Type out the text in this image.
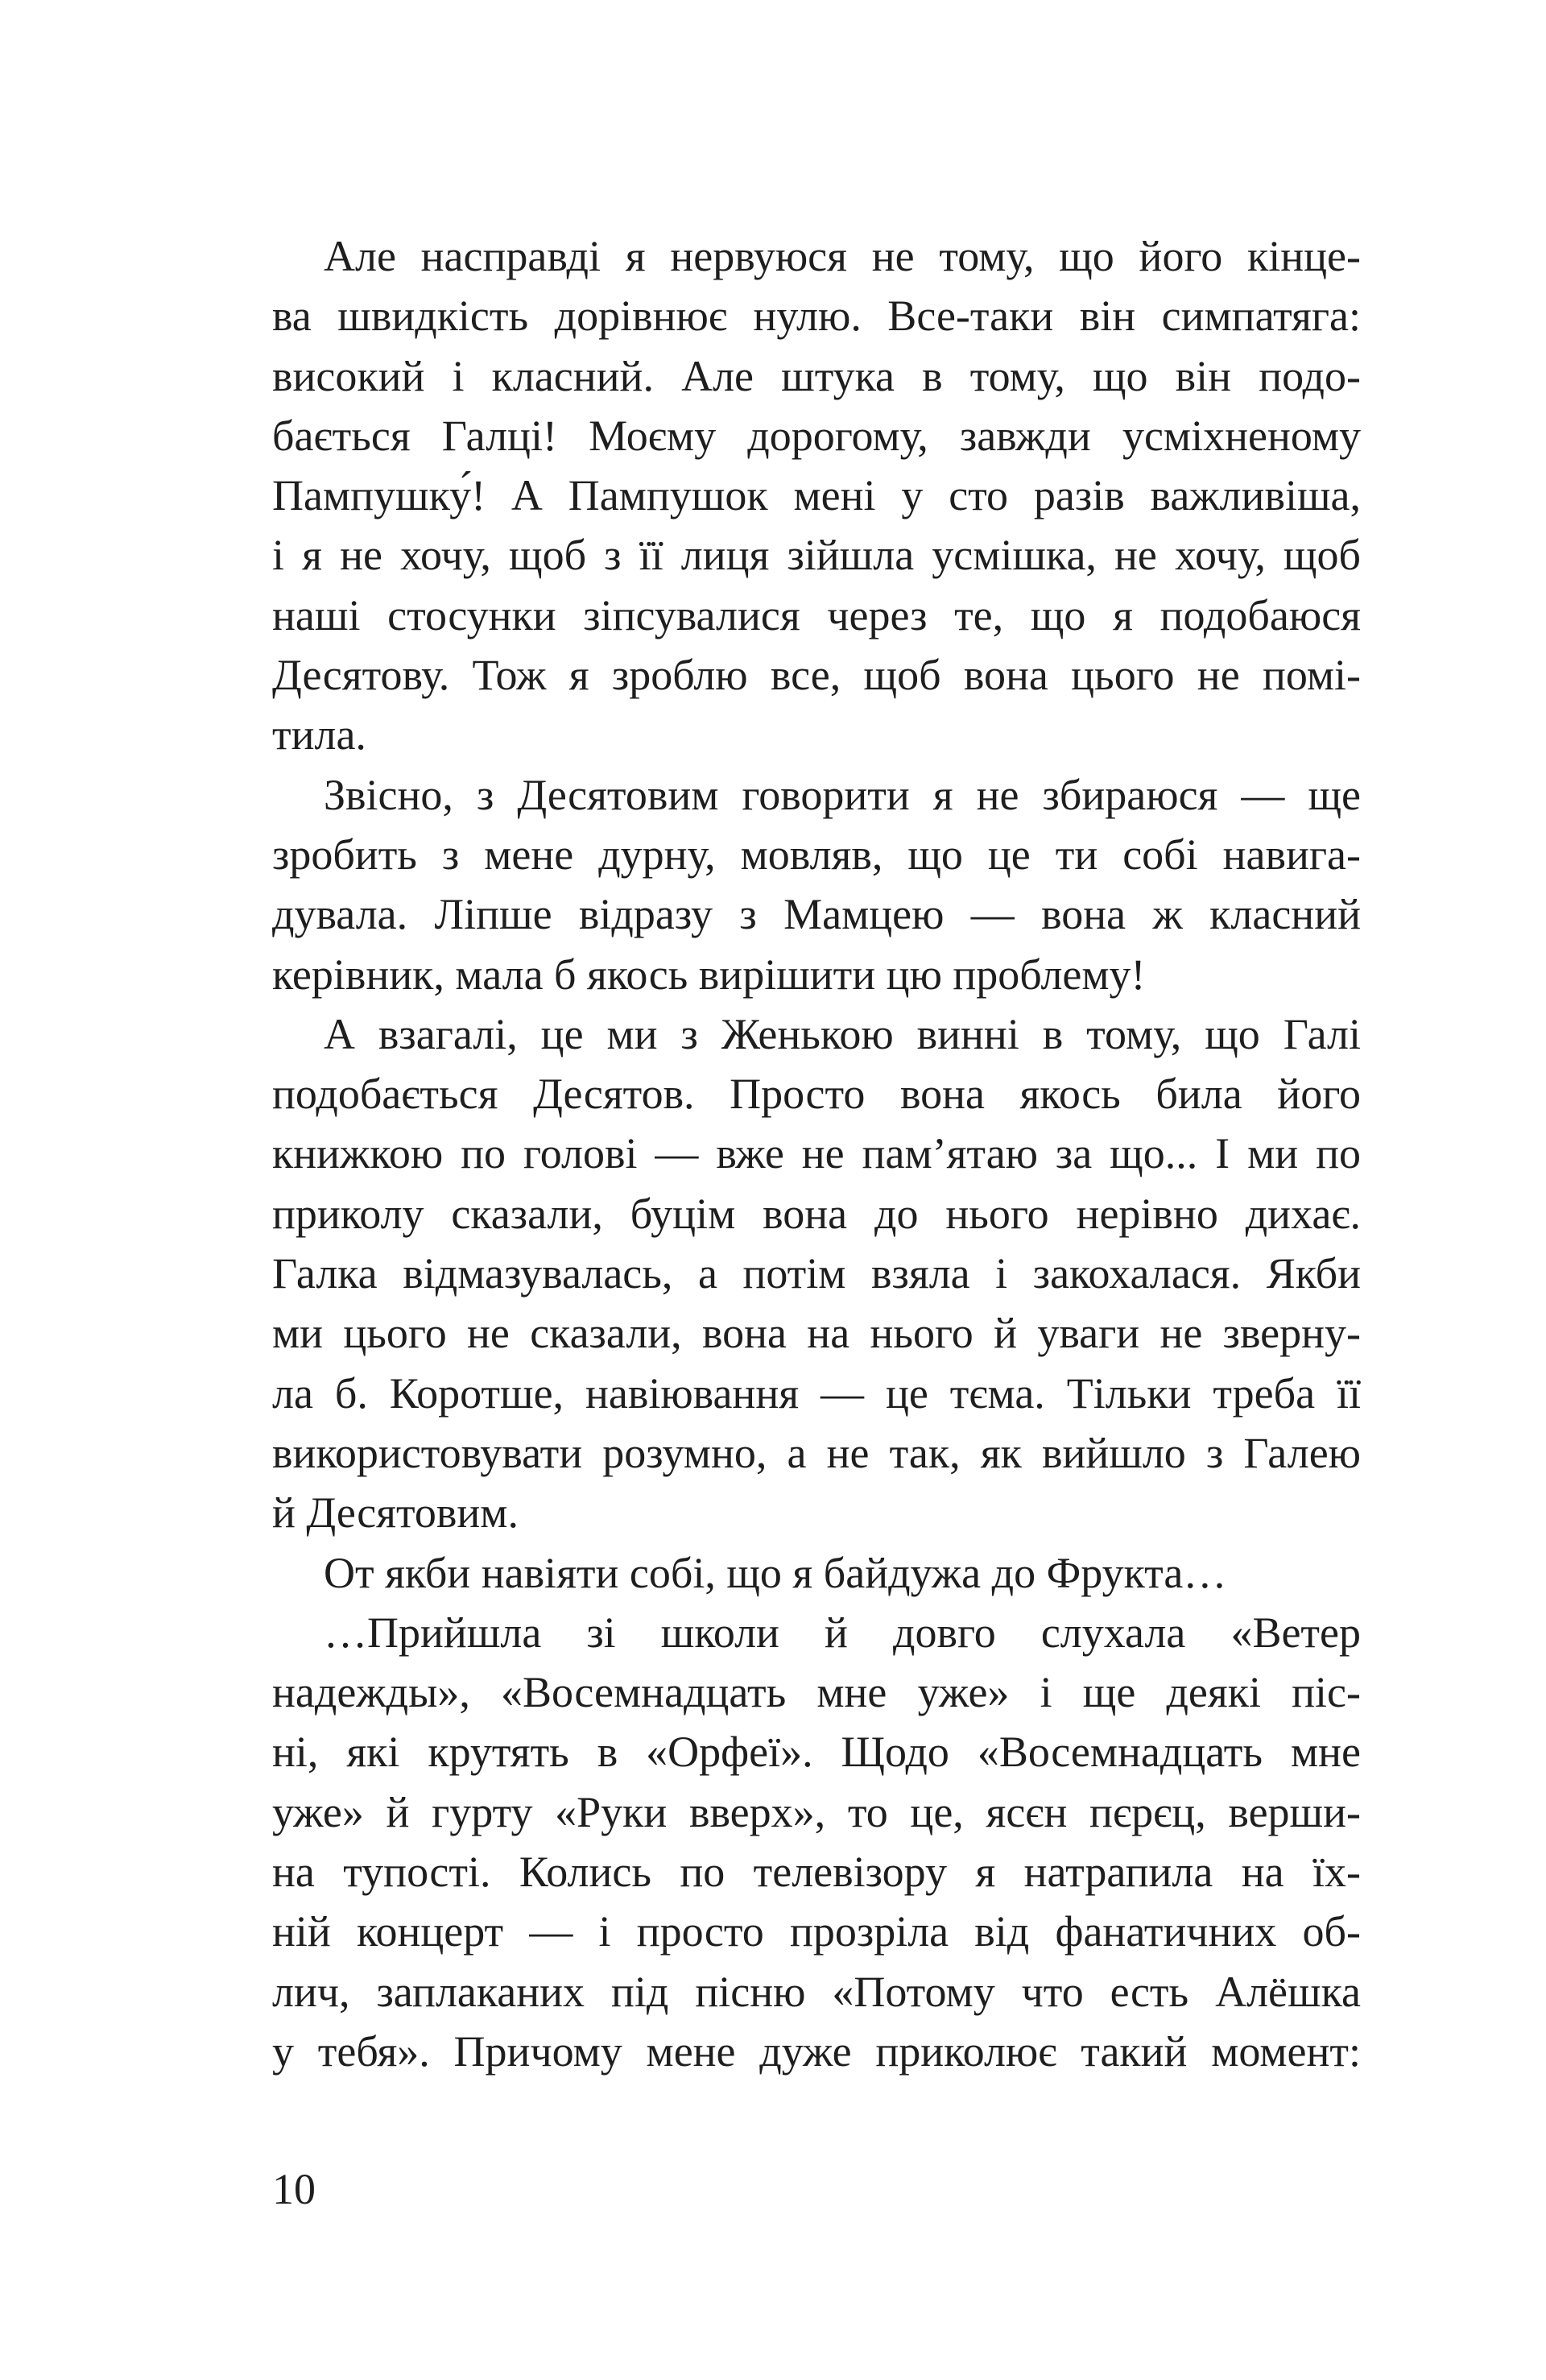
Але насправді я нервуюся не тому, що його кінце-
ва швидкість дорівнює нулю. Все-таки він симпатяга:
високий і класний. Але штука в тому, що він подо-
бається Галці! Моєму дорогому, завжди усміхненому
Пампушку́! А Пампушок мені у сто разів важливіша,
і я не хочу, щоб з її лиця зійшла усмішка, не хочу, щоб
наші стосунки зіпсувалися через те, що я подобаюся
Десятову. Тож я зроблю все, щоб вона цього не помі-
тила.
Звісно, з Десятовим говорити я не збираюся — ще
зробить з мене дурну, мовляв, що це ти собі навига-
дувала. Ліпше відразу з Мамцею — вона ж класний
керівник, мала б якось вирішити цю проблему!
А взагалі, це ми з Женькою винні в тому, що Галі
подобається Десятов. Просто вона якось била його
книжкою по голові — вже не пам’ятаю за що... І ми по
приколу сказали, буцім вона до нього нерівно дихає.
Галка відмазувалась, а потім взяла і закохалася. Якби
ми цього не сказали, вона на нього й уваги не зверну-
ла б. Коротше, навіювання — це тєма. Тільки треба її
використовувати розумно, а не так, як вийшло з Галею
й Десятовим.
От якби навіяти собі, що я байдужа до Фрукта…
…Прийшла зі школи й довго слухала «Ветер
надежды», «Восемнадцать мне уже» і ще деякі піс-
ні, які крутять в «Орфеї». Щодо «Восемнадцать мне
уже» й гурту «Руки вверх», то це, ясєн пєрєц, верши-
на тупості. Колись по телевізору я натрапила на їх-
ній концерт — і просто прозріла від фанатичних об-
лич, заплаканих під пісню «Потому что есть Алёшка
у тебя». Причому мене дуже приколює такий момент:
10
